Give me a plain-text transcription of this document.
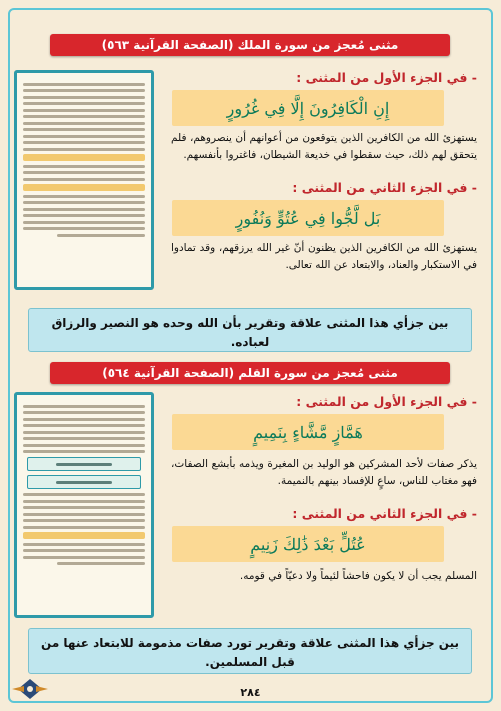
مثنى مُعجز من سورة الملك (الصفحة القرآنية ٥٦٣)
- في الجزء الأول من المثنى :
إِنِ الْكَافِرُونَ إِلَّا فِي غُرُورٍ
يستهزئ الله من الكافرين الذين يتوقعون من أعوانهم أن ينصروهم، فلم يتحقق لهم ذلك، حيث سقطوا في خديعة الشيطان، فاغتروا بأنفسهم.
- في الجزء الثاني من المثنى :
بَل لَّجُّوا فِي عُتُوٍّ وَنُفُورٍ
يستهزئ الله من الكافرين الذين يظنون أنّ غير الله يرزقهم، وقد تمادوا في الاستكبار والعناد، والابتعاد عن الله تعالى.
بين جزأي هذا المثنى علاقة وتقرير بأن الله وحده هو النصير والرزاق لعباده.
مثنى مُعجز من سورة القلم (الصفحة القرآنية ٥٦٤)
- في الجزء الأول من المثنى :
هَمَّازٍ مَّشَّاءٍ بِنَمِيمٍ
يذكر صفات لأحد المشركين هو الوليد بن المغيرة ويذمه بأبشع الصفات، فهو مغتاب للناس، ساعٍ للإفساد بينهم بالنميمة.
- في الجزء الثاني من المثنى :
عُتُلٍّ بَعْدَ ذَٰلِكَ زَنِيمٍ
المسلم يجب أن لا يكون فاحشاً لئيماً ولا دعيّاً في قومه.
بين جزأي هذا المثنى علاقة وتقرير تورد صفات مذمومة للابتعاد عنها من قبل المسلمين.
٢٨٤
